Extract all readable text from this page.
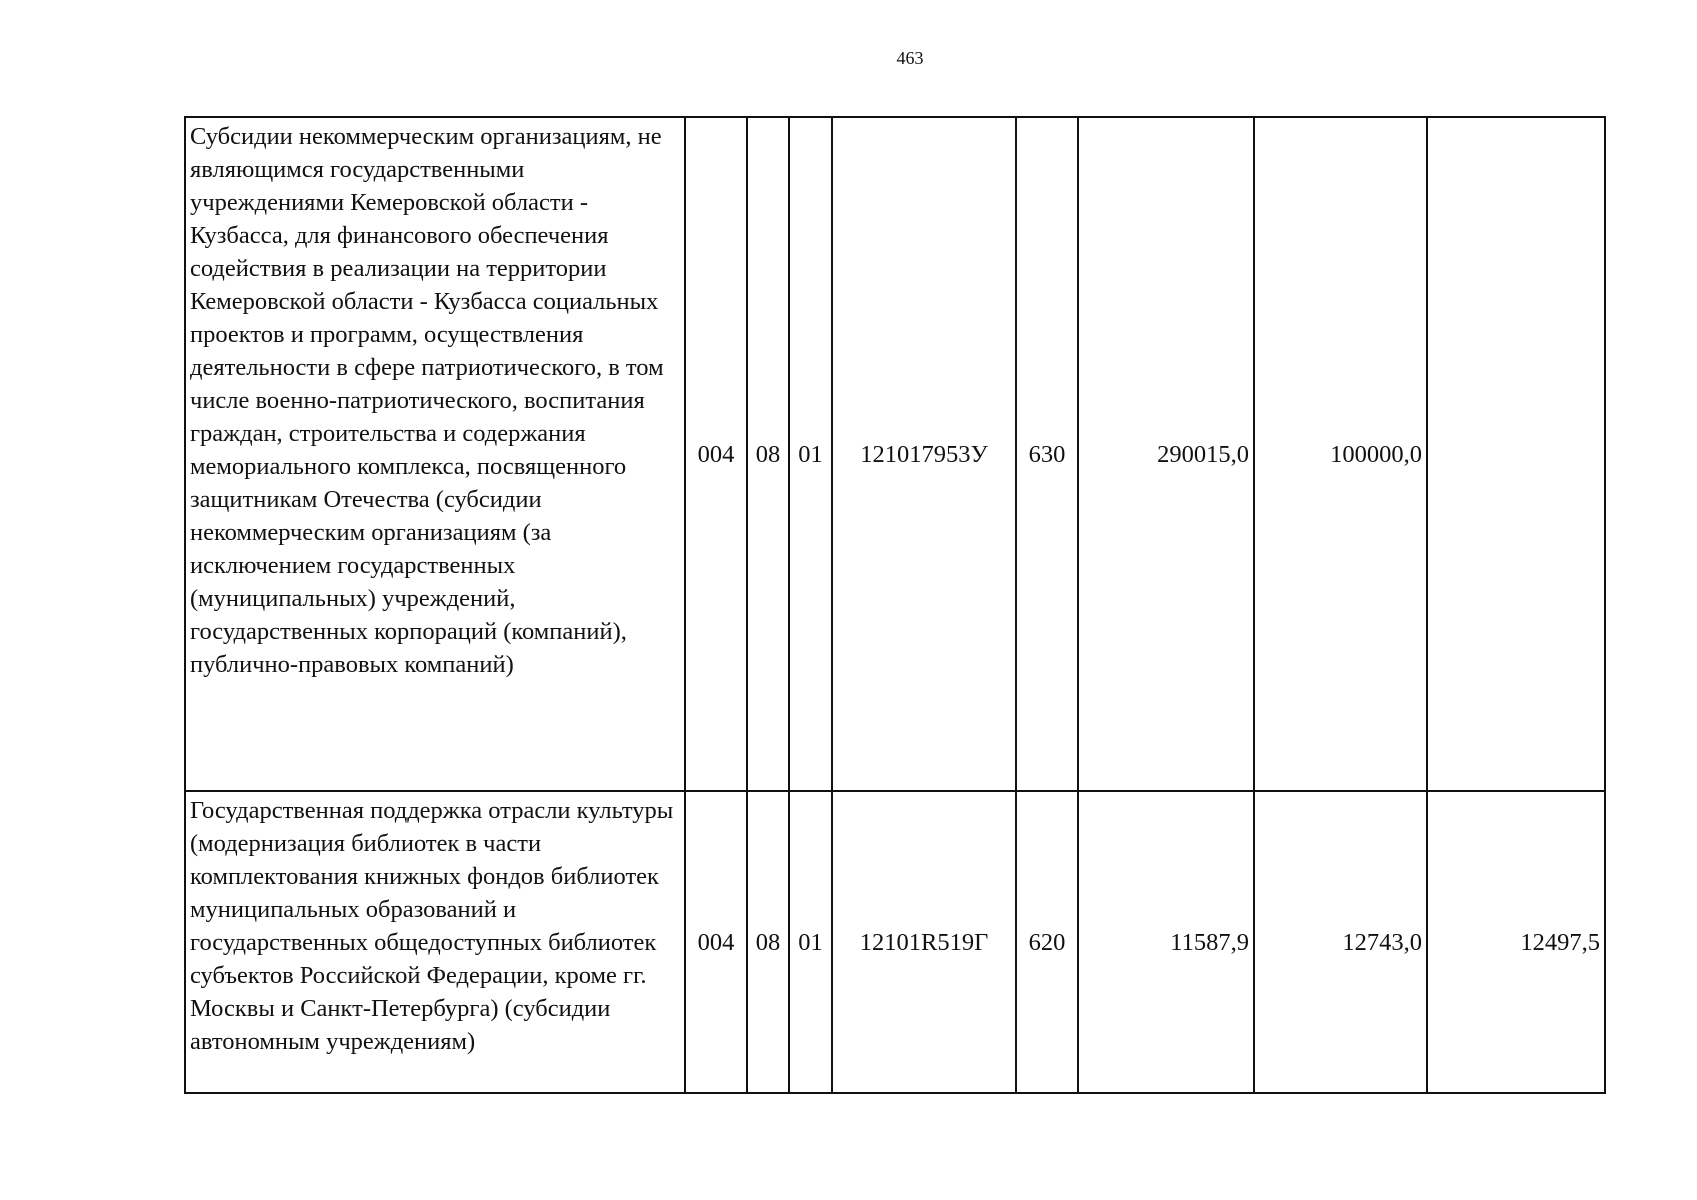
463
Субсидии некоммерческим организациям, не являющимся государственными учреждениями Кемеровской области - Кузбасса, для финансового обеспечения содействия в реализации на территории Кемеровской области - Кузбасса социальных проектов и программ, осуществления деятельности в сфере патриотического, в том числе военно-патриотического, воспитания граждан, строительства и содержания мемориального комплекса, посвященного защитникам Отечества (субсидии некоммерческим организациям (за исключением государственных (муниципальных) учреждений, государственных корпораций (компаний), публично-правовых компаний)	004	08	01	121017953У	630	290015,0	100000,0	
Государственная поддержка отрасли культуры (модернизация библиотек в части комплектования книжных фондов библиотек муниципальных образований и государственных общедоступных библиотек субъектов Российской Федерации, кроме гг. Москвы и Санкт-Петербурга) (субсидии автономным учреждениям)	004	08	01	12101R519Г	620	11587,9	12743,0	12497,5
